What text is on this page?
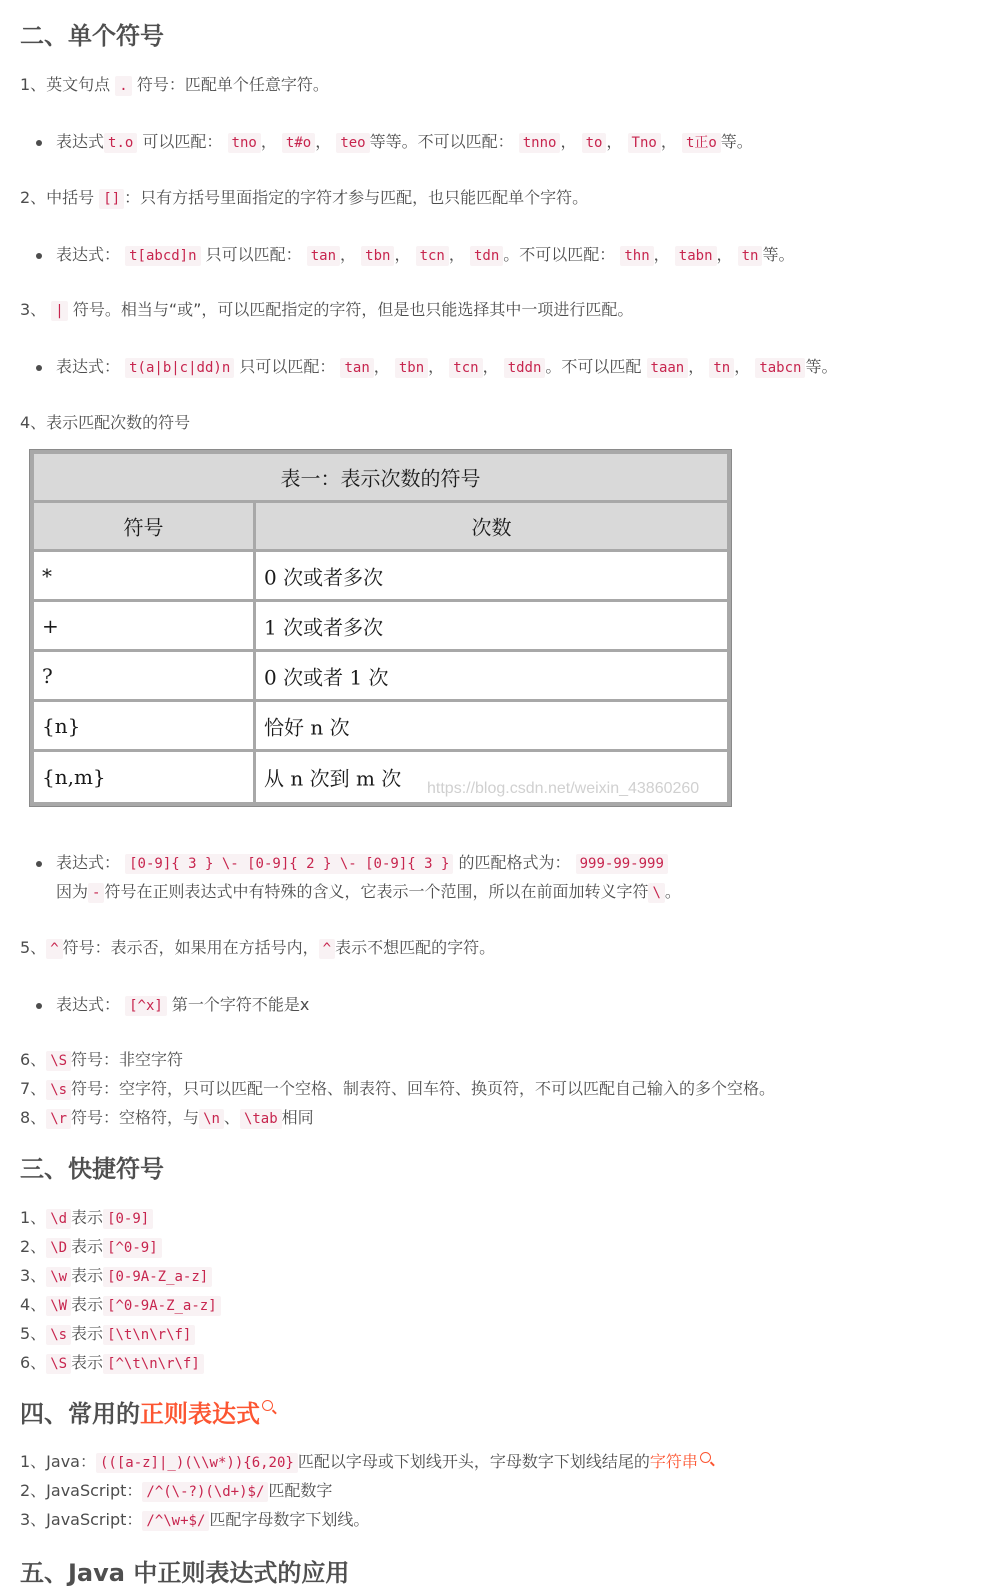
二、单个符号
1、英文句点 . 符号：匹配单个任意字符。
表达式 t.o 可以匹配： tno ， t#o ， teo 等等。不可以匹配： tnno ， to ， Tno ， t正o 等。
2、中括号 [] ：只有方括号里面指定的字符才参与匹配，也只能匹配单个字符。
表达式： t[abcd]n 只可以匹配： tan ， tbn ， tcn ， tdn 。不可以匹配： thn ， tabn ， tn 等。
3、 | 符号。相当与“或”，可以匹配指定的字符，但是也只能选择其中一项进行匹配。
表达式： t(a|b|c|dd)n 只可以匹配： tan ， tbn ， tcn ， tddn 。不可以匹配 taan ， tn ， tabcn 等。
4、表示匹配次数的符号
表一：表示次数的符号
符号	次数
*	0 次或者多次
+	1 次或者多次
?	0 次或者 1 次
{n}	恰好 n 次
{n,m}	从 n 次到 m 次 https://blog.csdn.net/weixin_43860260
表达式： [0-9]{ 3 } \- [0-9]{ 2 } \- [0-9]{ 3 } 的匹配格式为： 999-99-999
因为 - 符号在正则表达式中有特殊的含义，它表示一个范围，所以在前面加转义字符 \ 。
5、 ^ 符号：表示否，如果用在方括号内， ^ 表示不想匹配的字符。
表达式： [^x] 第一个字符不能是x
6、 \S 符号：非空字符
7、 \s 符号：空字符，只可以匹配一个空格、制表符、回车符、换页符，不可以匹配自己输入的多个空格。
8、 \r 符号：空格符，与 \n 、 \tab 相同
三、快捷符号
1、 \d 表示 [0-9]
2、 \D 表示 [^0-9]
3、 \w 表示 [0-9A-Z_a-z]
4、 \W 表示 [^0-9A-Z_a-z]
5、 \s 表示 [\t\n\r\f]
6、 \S 表示 [^\t\n\r\f]
四、常用的正则表达式
1、Java： (([a-z]|_)(\\w*)){6,20} 匹配以字母或下划线开头，字母数字下划线结尾的字符串
2、JavaScript： /^(\-?)(\d+)$/ 匹配数字
3、JavaScript： /^\w+$/ 匹配字母数字下划线。
五、Java 中正则表达式的应用
